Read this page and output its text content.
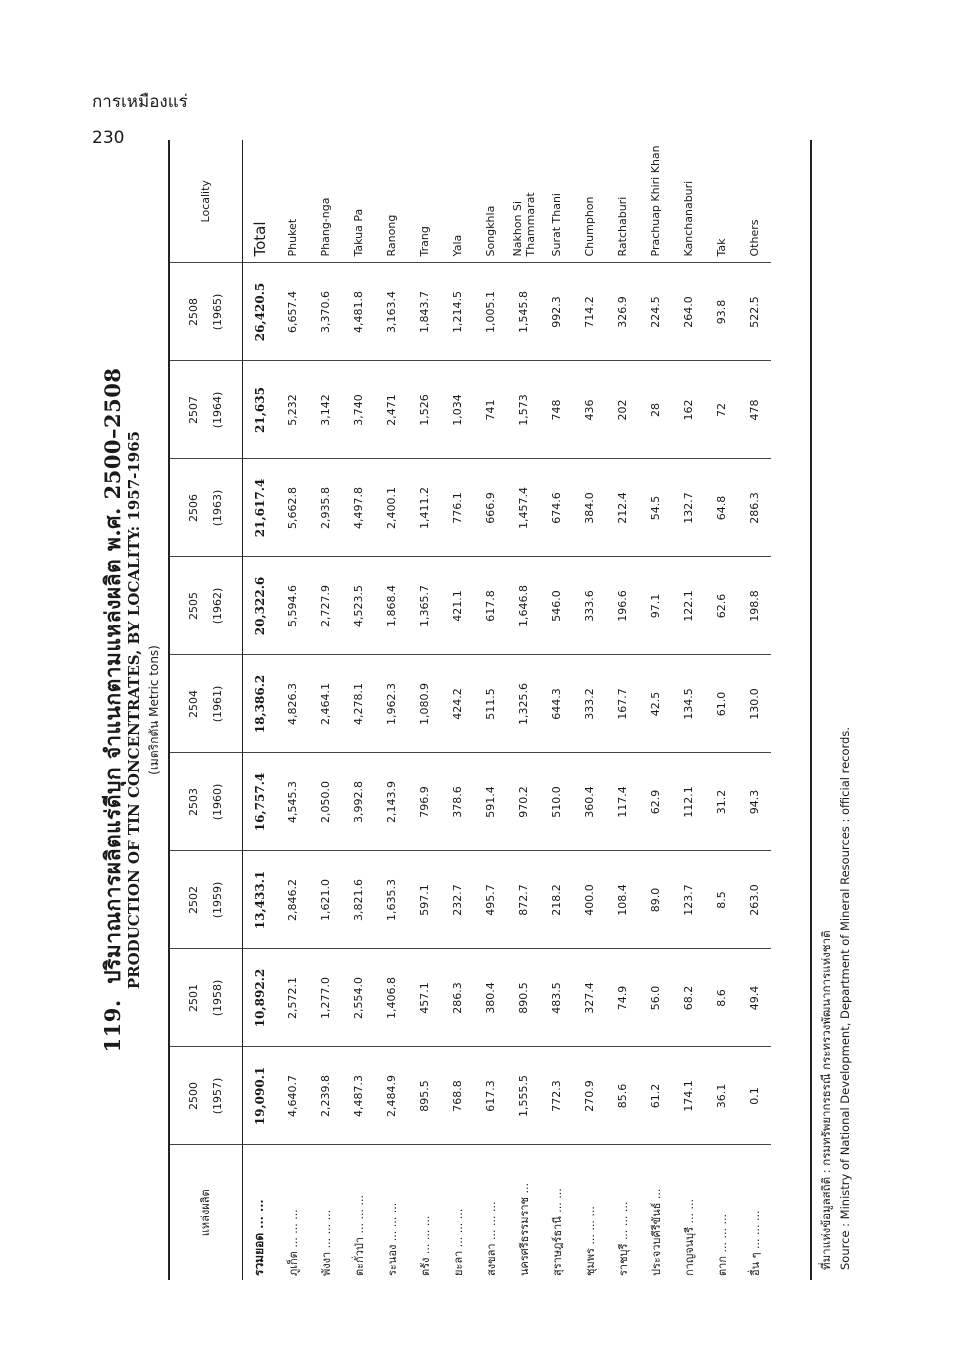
การเหมืองแร่
230
119.  ปริมาณการผลิตแร่ดีบุก จำแนกตามแหล่งผลิต พ.ศ. 2500–2508 PRODUCTION OF TIN CONCENTRATES, BY LOCALITY: 1957-1965 (เมตริกตัน Metric tons)
แหล่งผลิต	2500 (1957)	2501 (1958)	2502 (1959)	2503 (1960)	2504 (1961)	2505 (1962)	2506 (1963)	2507 (1964)	2508 (1965)	Locality
รวมยอด ... ...	19,090.1	10,892.2	13,433.1	16,757.4	18,386.2	20,322.6	21,617.4	21,635	26,420.5	Total
ภูเก็ต ... ... ...	4,640.7	2,572.1	2,846.2	4,545.3	4,826.3	5,594.6	5,662.8	5,232	6,657.4	Phuket
พังงา ... ... ...	2,239.8	1,277.0	1,621.0	2,050.0	2,464.1	2,727.9	2,935.8	3,142	3,370.6	Phang-nga
ตะกั่วป่า ... ... ...	4,487.3	2,554.0	3,821.6	3,992.8	4,278.1	4,523.5	4,497.8	3,740	4,481.8	Takua Pa
ระนอง ... ... ...	2,484.9	1,406.8	1,635.3	2,143.9	1,962.3	1,868.4	2,400.1	2,471	3,163.4	Ranong
ตรัง ... ... ...	895.5	457.1	597.1	796.9	1,080.9	1,365.7	1,411.2	1,526	1,843.7	Trang
ยะลา ... ... ...	768.8	286.3	232.7	378.6	424.2	421.1	776.1	1,034	1,214.5	Yala
สงขลา ... ... ...	617.3	380.4	495.7	591.4	511.5	617.8	666.9	741	1,005.1	Songkhla
นครศรีธรรมราช ...	1,555.5	890.5	872.7	970.2	1,325.6	1,646.8	1,457.4	1,573	1,545.8	Nakhon Si Thammarat
สุราษฎร์ธานี ... ...	772.3	483.5	218.2	510.0	644.3	546.0	674.6	748	992.3	Surat Thani
ชุมพร ... ... ...	270.9	327.4	400.0	360.4	333.2	333.6	384.0	436	714.2	Chumphon
ราชบุรี ... ... ...	85.6	74.9	108.4	117.4	167.7	196.6	212.4	202	326.9	Ratchaburi
ประจวบคีรีขันธ์ ...	61.2	56.0	89.0	62.9	42.5	97.1	54.5	28	224.5	Prachuap Khiri Khan
กาญจนบุรี ... ...	174.1	68.2	123.7	112.1	134.5	122.1	132.7	162	264.0	Kanchanaburi
ตาก ... ... ...	36.1	8.6	8.5	31.2	61.0	62.6	64.8	72	93.8	Tak
อื่น ๆ ... ... ...	0.1	49.4	263.0	94.3	130.0	198.8	286.3	478	522.5	Others
ที่มาแห่งข้อมูลสถิติ : กรมทรัพยากรธรณี กระทรวงพัฒนาการแห่งชาติ Source : Ministry of National Development, Department of Mineral Resources : official records.
